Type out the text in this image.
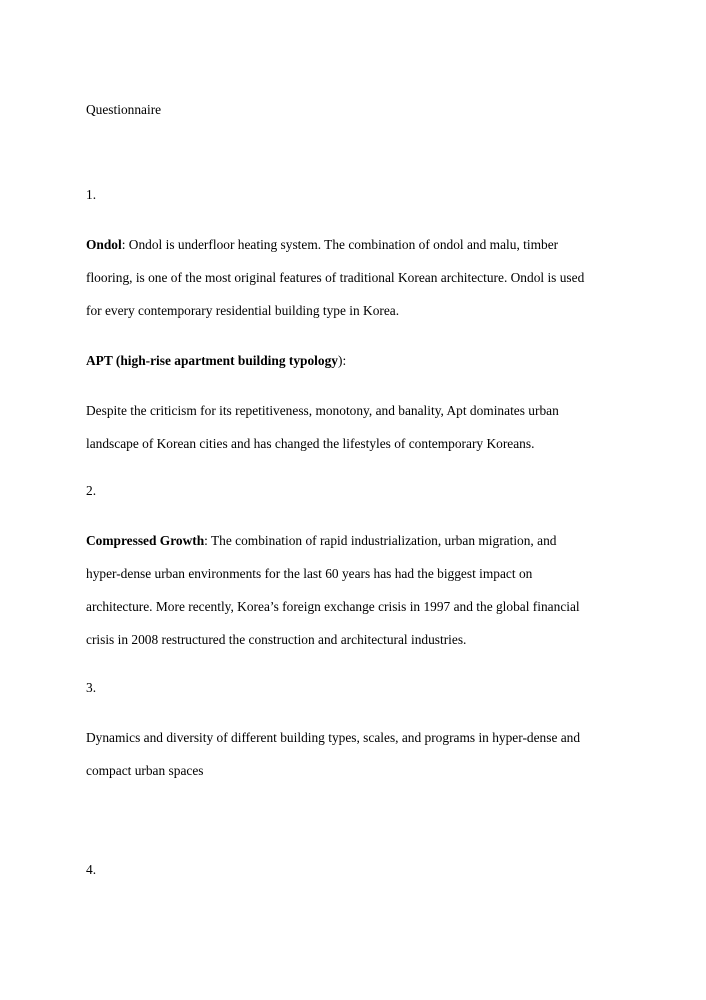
Questionnaire

1.

Ondol: Ondol is underfloor heating system. The combination of ondol and malu, timber

flooring, is one of the most original features of traditional Korean architecture. Ondol is used

for every contemporary residential building type in Korea.

APT (high-rise apartment building typology):

Despite the criticism for its repetitiveness, monotony, and banality, Apt dominates urban

landscape of Korean cities and has changed the lifestyles of contemporary Koreans.

2.

Compressed Growth: The combination of rapid industrialization, urban migration, and

hyper-dense urban environments for the last 60 years has had the biggest impact on

architecture. More recently, Korea’s foreign exchange crisis in 1997 and the global financial

crisis in 2008 restructured the construction and architectural industries.

3.

Dynamics and diversity of different building types, scales, and programs in hyper-dense and

compact urban spaces

4.
